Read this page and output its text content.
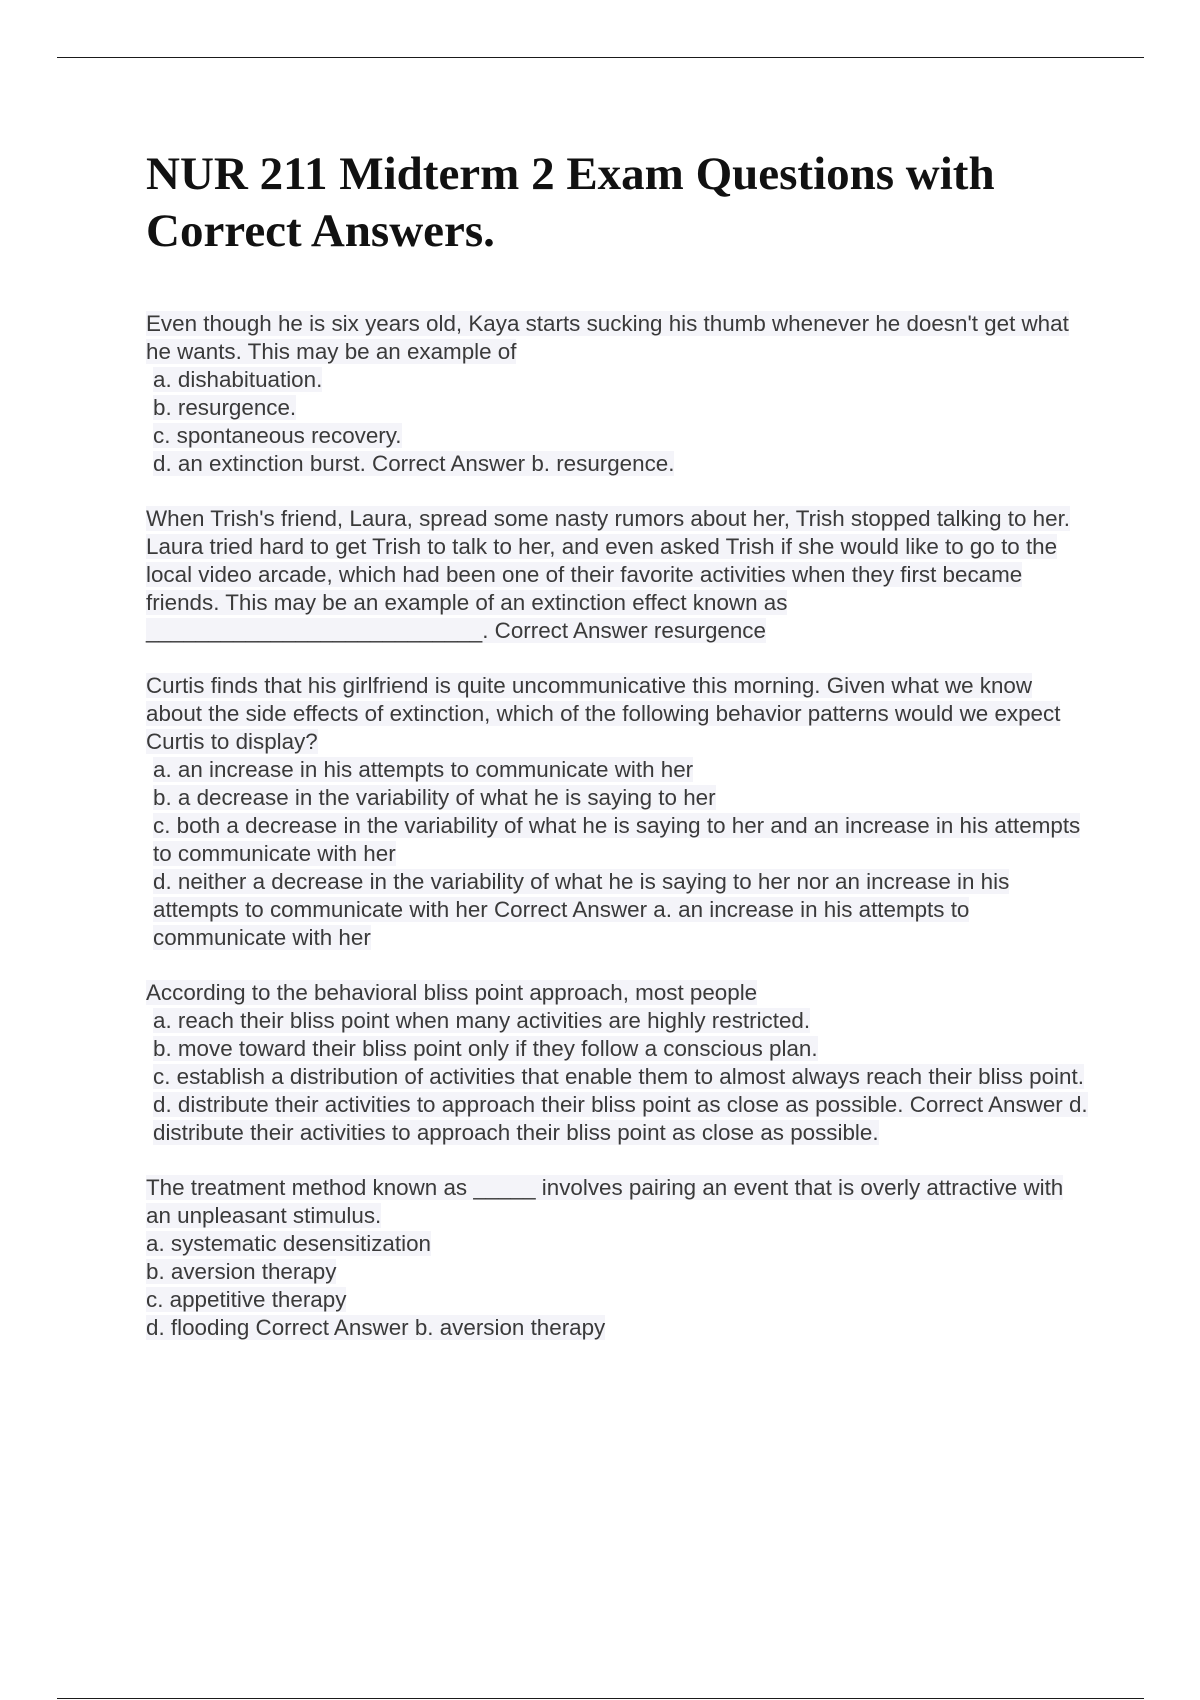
NUR 211 Midterm 2 Exam Questions with Correct Answers.

Even though he is six years old, Kaya starts sucking his thumb whenever he doesn't get what he wants. This may be an example of

a. dishabituation.

b. resurgence.

c. spontaneous recovery.

d. an extinction burst. Correct Answer b. resurgence.

When Trish's friend, Laura, spread some nasty rumors about her, Trish stopped talking to her. Laura tried hard to get Trish to talk to her, and even asked Trish if she would like to go to the local video arcade, which had been one of their favorite activities when they first became friends. This may be an example of an extinction effect known as ___________________________. Correct Answer resurgence

Curtis finds that his girlfriend is quite uncommunicative this morning. Given what we know about the side effects of extinction, which of the following behavior patterns would we expect Curtis to display?

a. an increase in his attempts to communicate with her

b. a decrease in the variability of what he is saying to her

c. both a decrease in the variability of what he is saying to her and an increase in his attempts to communicate with her

d. neither a decrease in the variability of what he is saying to her nor an increase in his attempts to communicate with her Correct Answer a. an increase in his attempts to communicate with her

According to the behavioral bliss point approach, most people

a. reach their bliss point when many activities are highly restricted.

b. move toward their bliss point only if they follow a conscious plan.

c. establish a distribution of activities that enable them to almost always reach their bliss point.

d. distribute their activities to approach their bliss point as close as possible. Correct Answer d. distribute their activities to approach their bliss point as close as possible.

The treatment method known as _____ involves pairing an event that is overly attractive with an unpleasant stimulus.

a. systematic desensitization

b. aversion therapy

c. appetitive therapy

d. flooding Correct Answer b. aversion therapy
